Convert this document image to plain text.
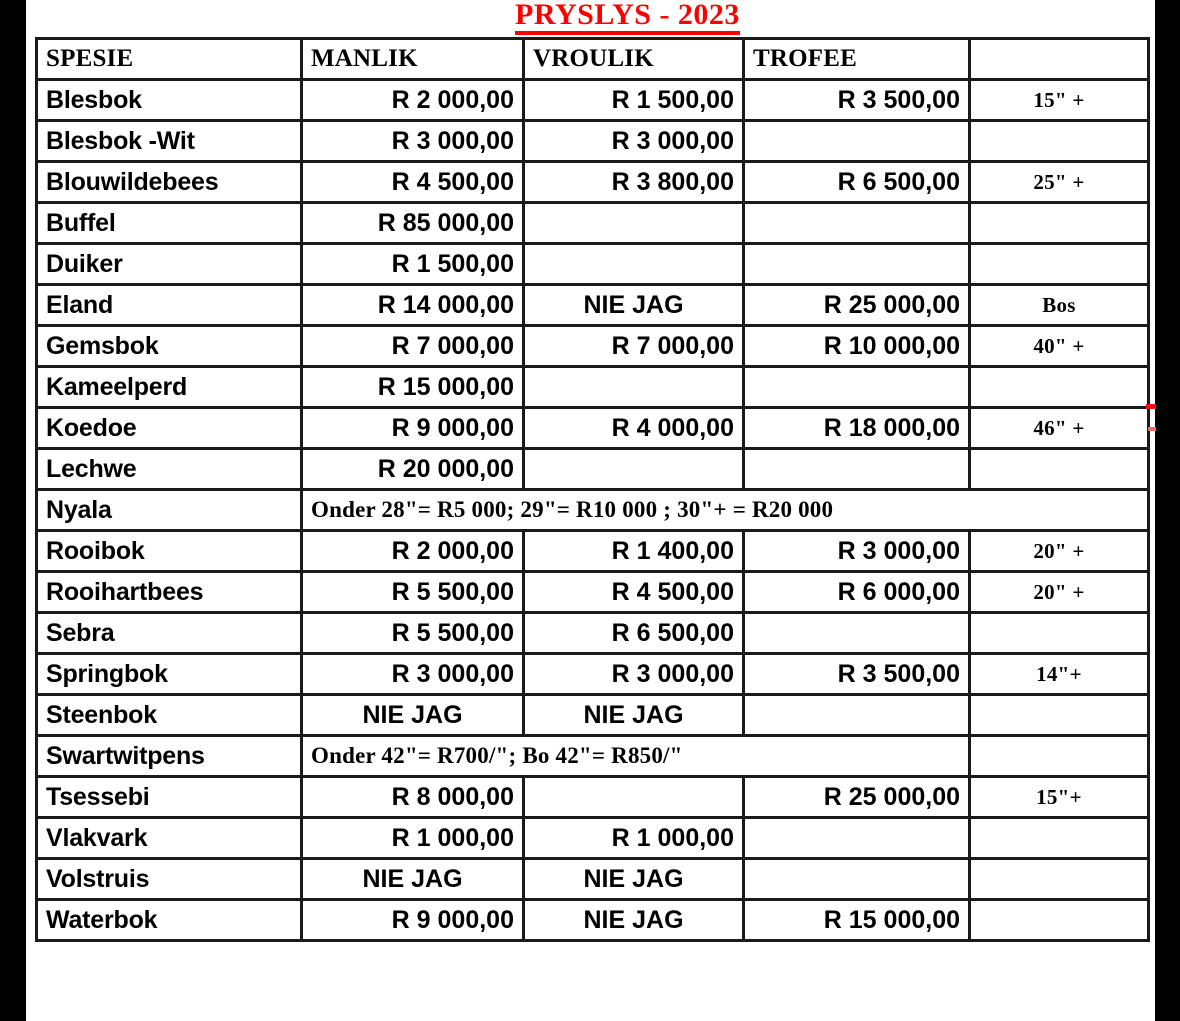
PRYSLYS - 2023
SPESIE	MANLIK	VROULIK	TROFEE	
Blesbok	R 2 000,00	R 1 500,00	R 3 500,00	15" +
Blesbok -Wit	R 3 000,00	R 3 000,00		
Blouwildebees	R 4 500,00	R 3 800,00	R 6 500,00	25" +
Buffel	R 85 000,00			
Duiker	R 1 500,00			
Eland	R 14 000,00	NIE JAG	R 25 000,00	Bos
Gemsbok	R 7 000,00	R 7 000,00	R 10 000,00	40" +
Kameelperd	R 15 000,00			
Koedoe	R 9 000,00	R 4 000,00	R 18 000,00	46" +
Lechwe	R 20 000,00			
Nyala	Onder 28"= R5 000; 29"= R10 000 ; 30"+ = R20 000			
Rooibok	R 2 000,00	R 1 400,00	R 3 000,00	20" +
Rooihartbees	R 5 500,00	R 4 500,00	R 6 000,00	20" +
Sebra	R 5 500,00	R 6 500,00		
Springbok	R 3 000,00	R 3 000,00	R 3 500,00	14"+
Steenbok	NIE JAG	NIE JAG		
Swartwitpens	Onder 42"= R700/"; Bo 42"= R850/"			
Tsessebi	R 8 000,00		R 25 000,00	15"+
Vlakvark	R 1 000,00	R 1 000,00		
Volstruis	NIE JAG	NIE JAG		
Waterbok	R 9 000,00	NIE JAG	R 15 000,00	
